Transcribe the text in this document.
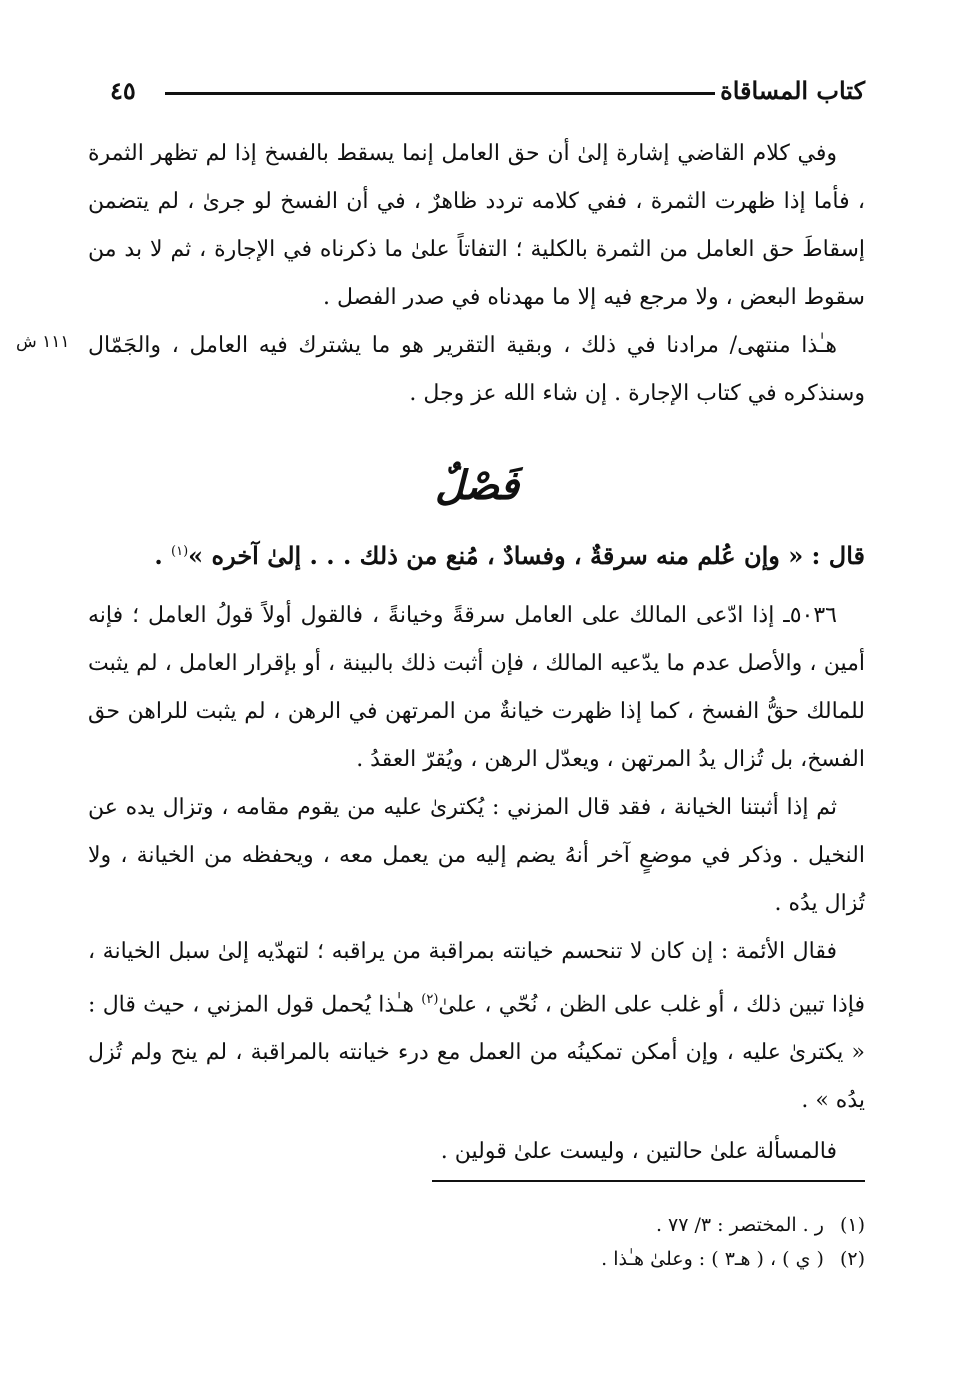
كتاب المساقاة
٤٥

وفي كلام القاضي إشارة إلىٰ أن حق العامل إنما يسقط بالفسخ إذا لم تظهر الثمرة ، فأما إذا ظهرت الثمرة ، ففي كلامه تردد ظاهرٌ ، في أن الفسخ لو جرىٰ ، لم يتضمن إسقاطَ حق العامل من الثمرة بالكلية ؛ التفاتاً علىٰ ما ذكرناه في الإجارة ، ثم لا بد من سقوط البعض ، ولا مرجع فيه إلا ما مهدناه في صدر الفصل .

١١١ ش هـٰذا منتهى/ مرادنا في ذلك ، وبقية التقرير هو ما يشترك فيه العامل ، والجَمّال وسنذكره في كتاب الإجارة . إن شاء الله عز وجل .

فَصْلٌ
قال : « وإن عُلم منه سرقةٌ ، وفسادٌ ، مُنع من ذلك . . . إلىٰ آخره »$^{(١)}$ .

٥٠٣٦ـ إذا ادّعى المالك على العامل سرقةً وخيانةً ، فالقول أولاً قولُ العامل ؛ فإنه أمين ، والأصل عدم ما يدّعيه المالك ، فإن أثبت ذلك بالبينة ، أو بإقرار العامل ، لم يثبت للمالك حقُّ الفسخ ، كما إذا ظهرت خيانةٌ من المرتهن في الرهن ، لم يثبت للراهن حق الفسخ، بل تُزال يدُ المرتهن ، ويعدّل الرهن ، ويُقرّ العقدُ .

ثم إذا أثبتنا الخيانة ، فقد قال المزني : يُكترىٰ عليه من يقوم مقامه ، وتزال يده عن النخيل . وذكر في موضعٍ آخر أنهُ يضم إليه من يعمل معه ، ويحفظه من الخيانة ، ولا تُزال يدُه .

فقال الأئمة : إن كان لا تنحسم خيانته بمراقبة من يراقبه ؛ لتهدّيه إلىٰ سبل الخيانة ، فإذا تبين ذلك ، أو غلب على الظن ، نُحّي ، علىٰ$^{(٢)}$ هـٰذا يُحمل قول المزني ، حيث قال : « يكترىٰ عليه ، وإن أمكن تمكينُه من العمل مع درء خيانته بالمراقبة ، لم ينح ولم تُزل يدُه » .

فالمسألة علىٰ حالتين ، وليست علىٰ قولين .

(١)ر . المختصر : ٣/ ٧٧ .
(٢)( ي ) ، ( هـ٣ ) : وعلىٰ هـٰذا .
